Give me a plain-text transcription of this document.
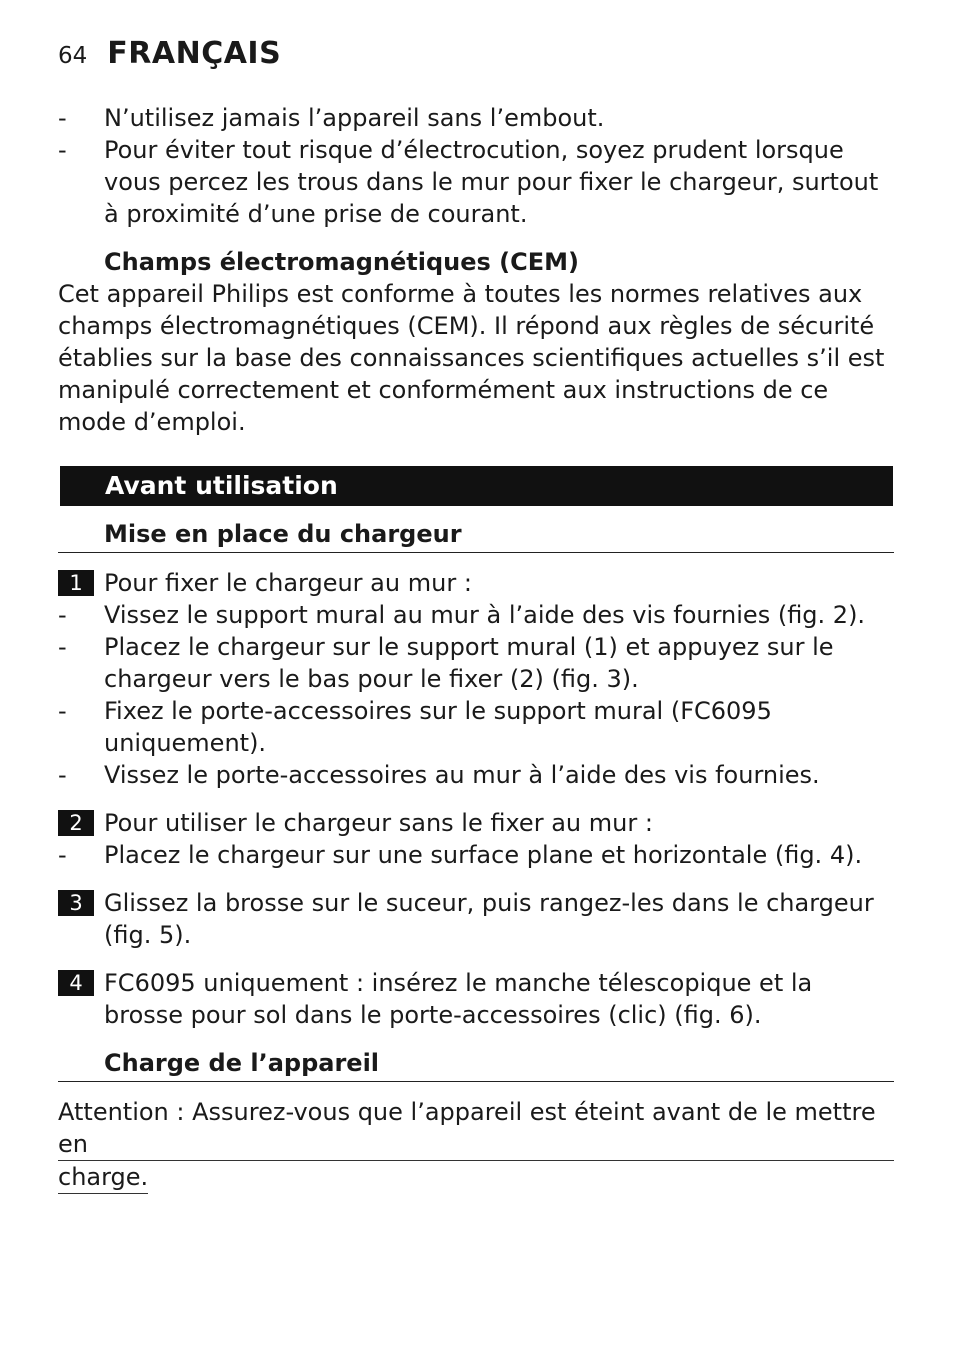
64 FRANÇAIS
-	N’utilisez jamais l’appareil sans l’embout.
-	Pour éviter tout risque d’électrocution, soyez prudent lorsque vous percez les trous dans le mur pour fixer le chargeur, surtout à proximité d’une prise de courant.
Champs électromagnétiques (CEM)

Cet appareil Philips est conforme à toutes les normes relatives aux champs électromagnétiques (CEM). Il répond aux règles de sécurité établies sur la base des connaissances scientifiques actuelles s’il est manipulé correctement et conformément aux instructions de ce mode d’emploi.

Avant utilisation
Mise en place du chargeur
1 Pour fixer le chargeur au mur :
-	Vissez le support mural au mur à l’aide des vis fournies (fig. 2).
-	Placez le chargeur sur le support mural (1) et appuyez sur le chargeur vers le bas pour le fixer (2) (fig. 3).
-	Fixez le porte-accessoires sur le support mural (FC6095 uniquement).
-	Vissez le porte-accessoires au mur à l’aide des vis fournies.
2 Pour utiliser le chargeur sans le fixer au mur :
-	Placez le chargeur sur une surface plane et horizontale (fig. 4).
3 Glissez la brosse sur le suceur, puis rangez-les dans le chargeur (fig. 5).
4 FC6095 uniquement : insérez le manche télescopique et la brosse pour sol dans le porte-accessoires (clic) (fig. 6).
Charge de l’appareil
Attention : Assurez-vous que l’appareil est éteint avant de le mettre en
charge.
